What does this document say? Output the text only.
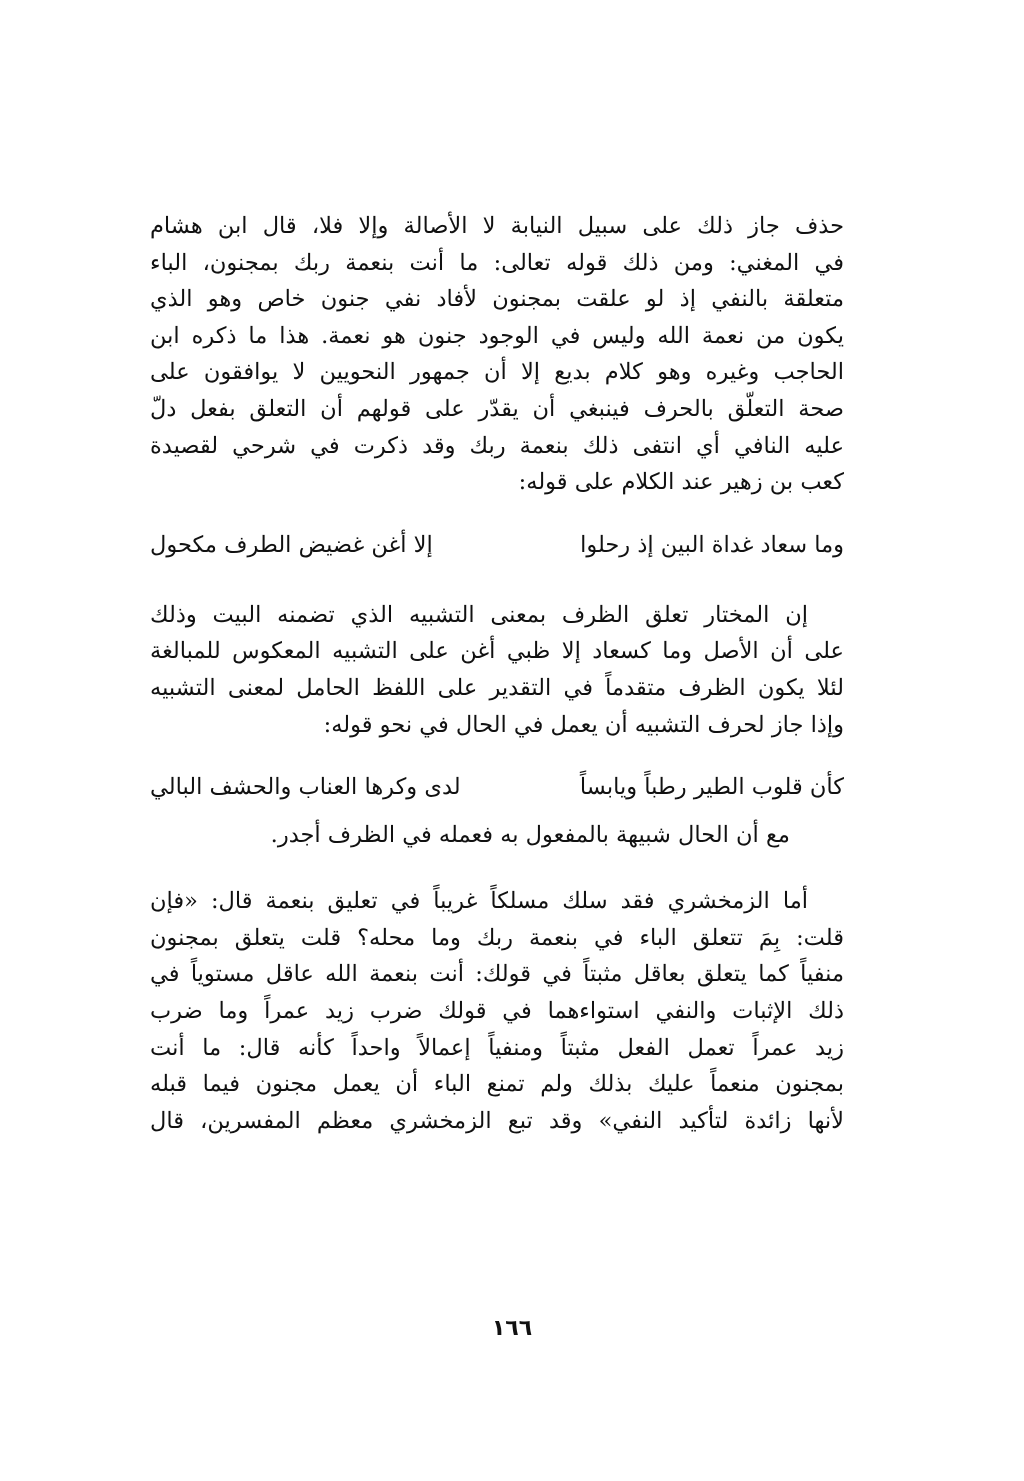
حذف جاز ذلك على سبيل النيابة لا الأصالة وإلا فلا، قال ابن هشام
في المغني: ومن ذلك قوله تعالى: ما أنت بنعمة ربك بمجنون، الباء
متعلقة بالنفي إذ لو علقت بمجنون لأفاد نفي جنون خاص وهو الذي
يكون من نعمة الله وليس في الوجود جنون هو نعمة. هذا ما ذكره ابن
الحاجب وغيره وهو كلام بديع إلا أن جمهور النحويين لا يوافقون على
صحة التعلّق بالحرف فينبغي أن يقدّر على قولهم أن التعلق بفعل دلّ
عليه النافي أي انتفى ذلك بنعمة ربك وقد ذكرت في شرحي لقصيدة
كعب بن زهير عند الكلام على قوله:

وما سعاد غداة البين إذ رحلوا
إلا أغن غضيض الطرف مكحول

إن المختار تعلق الظرف بمعنى التشبيه الذي تضمنه البيت وذلك
على أن الأصل وما كسعاد إلا ظبي أغن على التشبيه المعكوس للمبالغة
لئلا يكون الظرف متقدماً في التقدير على اللفظ الحامل لمعنى التشبيه
وإذا جاز لحرف التشبيه أن يعمل في الحال في نحو قوله:

كأن قلوب الطير رطباً ويابساً
لدى وكرها العناب والحشف البالي
مع أن الحال شبيهة بالمفعول به فعمله في الظرف أجدر.

أما الزمخشري فقد سلك مسلكاً غريباً في تعليق بنعمة قال: «فإن
قلت: بِمَ تتعلق الباء في بنعمة ربك وما محله؟ قلت يتعلق بمجنون
منفياً كما يتعلق بعاقل مثبتاً في قولك: أنت بنعمة الله عاقل مستوياً في
ذلك الإثبات والنفي استواءهما في قولك ضرب زيد عمراً وما ضرب
زيد عمراً تعمل الفعل مثبتاً ومنفياً إعمالاً واحداً كأنه قال: ما أنت
بمجنون منعماً عليك بذلك ولم تمنع الباء أن يعمل مجنون فيما قبله
لأنها زائدة لتأكيد النفي» وقد تبع الزمخشري معظم المفسرين، قال

١٦٦
